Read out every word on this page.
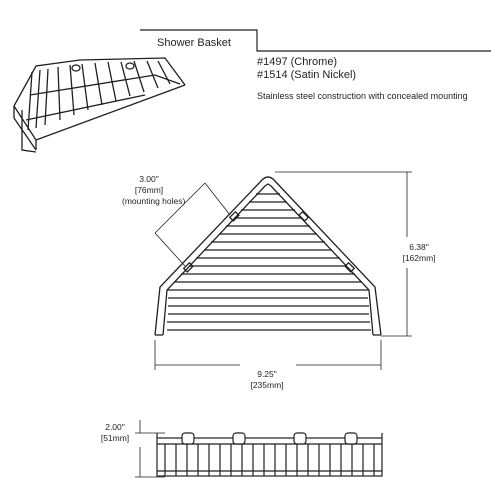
Shower Basket
#1497 (Chrome)
#1514 (Satin Nickel)
Stainless steel construction with concealed mounting
3.00"
[76mm]
(mounting holes)
6.38"
[162mm]
9.25"
[235mm]
2.00"
[51mm]
